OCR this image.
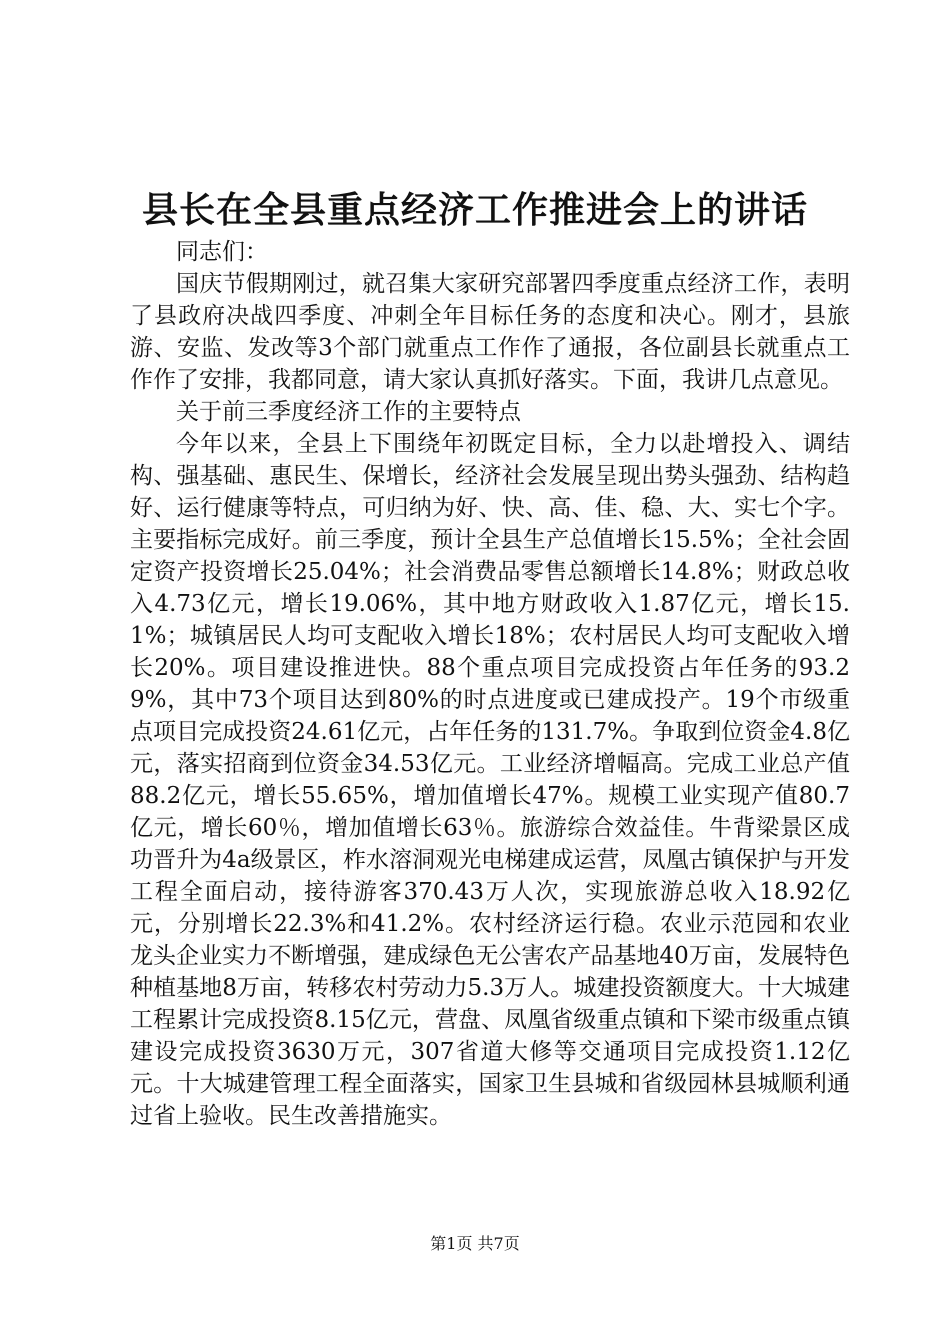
县长在全县重点经济工作推进会上的讲话

同志们：

国庆节假期刚过，就召集大家研究部署四季度重点经济工作，表明了县政府决战四季度、冲刺全年目标任务的态度和决心。刚才，县旅游、安监、发改等3个部门就重点工作作了通报，各位副县长就重点工作作了安排，我都同意，请大家认真抓好落实。下面，我讲几点意见。

关于前三季度经济工作的主要特点

今年以来，全县上下围绕年初既定目标，全力以赴增投入、调结构、强基础、惠民生、保增长，经济社会发展呈现出势头强劲、结构趋好、运行健康等特点，可归纳为好、快、高、佳、稳、大、实七个字。主要指标完成好。前三季度，预计全县生产总值增长15.5%；全社会固定资产投资增长25.04%；社会消费品零售总额增长14.8%；财政总收入4.73亿元，增长19.06%，其中地方财政收入1.87亿元，增长15.1%；城镇居民人均可支配收入增长18%；农村居民人均可支配收入增长20%。项目建设推进快。88个重点项目完成投资占年任务的93.29%，其中73个项目达到80%的时点进度或已建成投产。19个市级重点项目完成投资24.61亿元，占年任务的131.7%。争取到位资金4.8亿元，落实招商到位资金34.53亿元。工业经济增幅高。完成工业总产值88.2亿元，增长55.65%，增加值增长47%。规模工业实现产值80.7亿元，增长60％，增加值增长63％。旅游综合效益佳。牛背梁景区成功晋升为4a级景区，柞水溶洞观光电梯建成运营，凤凰古镇保护与开发工程全面启动，接待游客370.43万人次，实现旅游总收入18.92亿元，分别增长22.3%和41.2%。农村经济运行稳。农业示范园和农业龙头企业实力不断增强，建成绿色无公害农产品基地40万亩，发展特色种植基地8万亩，转移农村劳动力5.3万人。城建投资额度大。十大城建工程累计完成投资8.15亿元，营盘、凤凰省级重点镇和下梁市级重点镇建设完成投资3630万元，307省道大修等交通项目完成投资1.12亿元。十大城建管理工程全面落实，国家卫生县城和省级园林县城顺利通过省上验收。民生改善措施实。

第1页 共7页
